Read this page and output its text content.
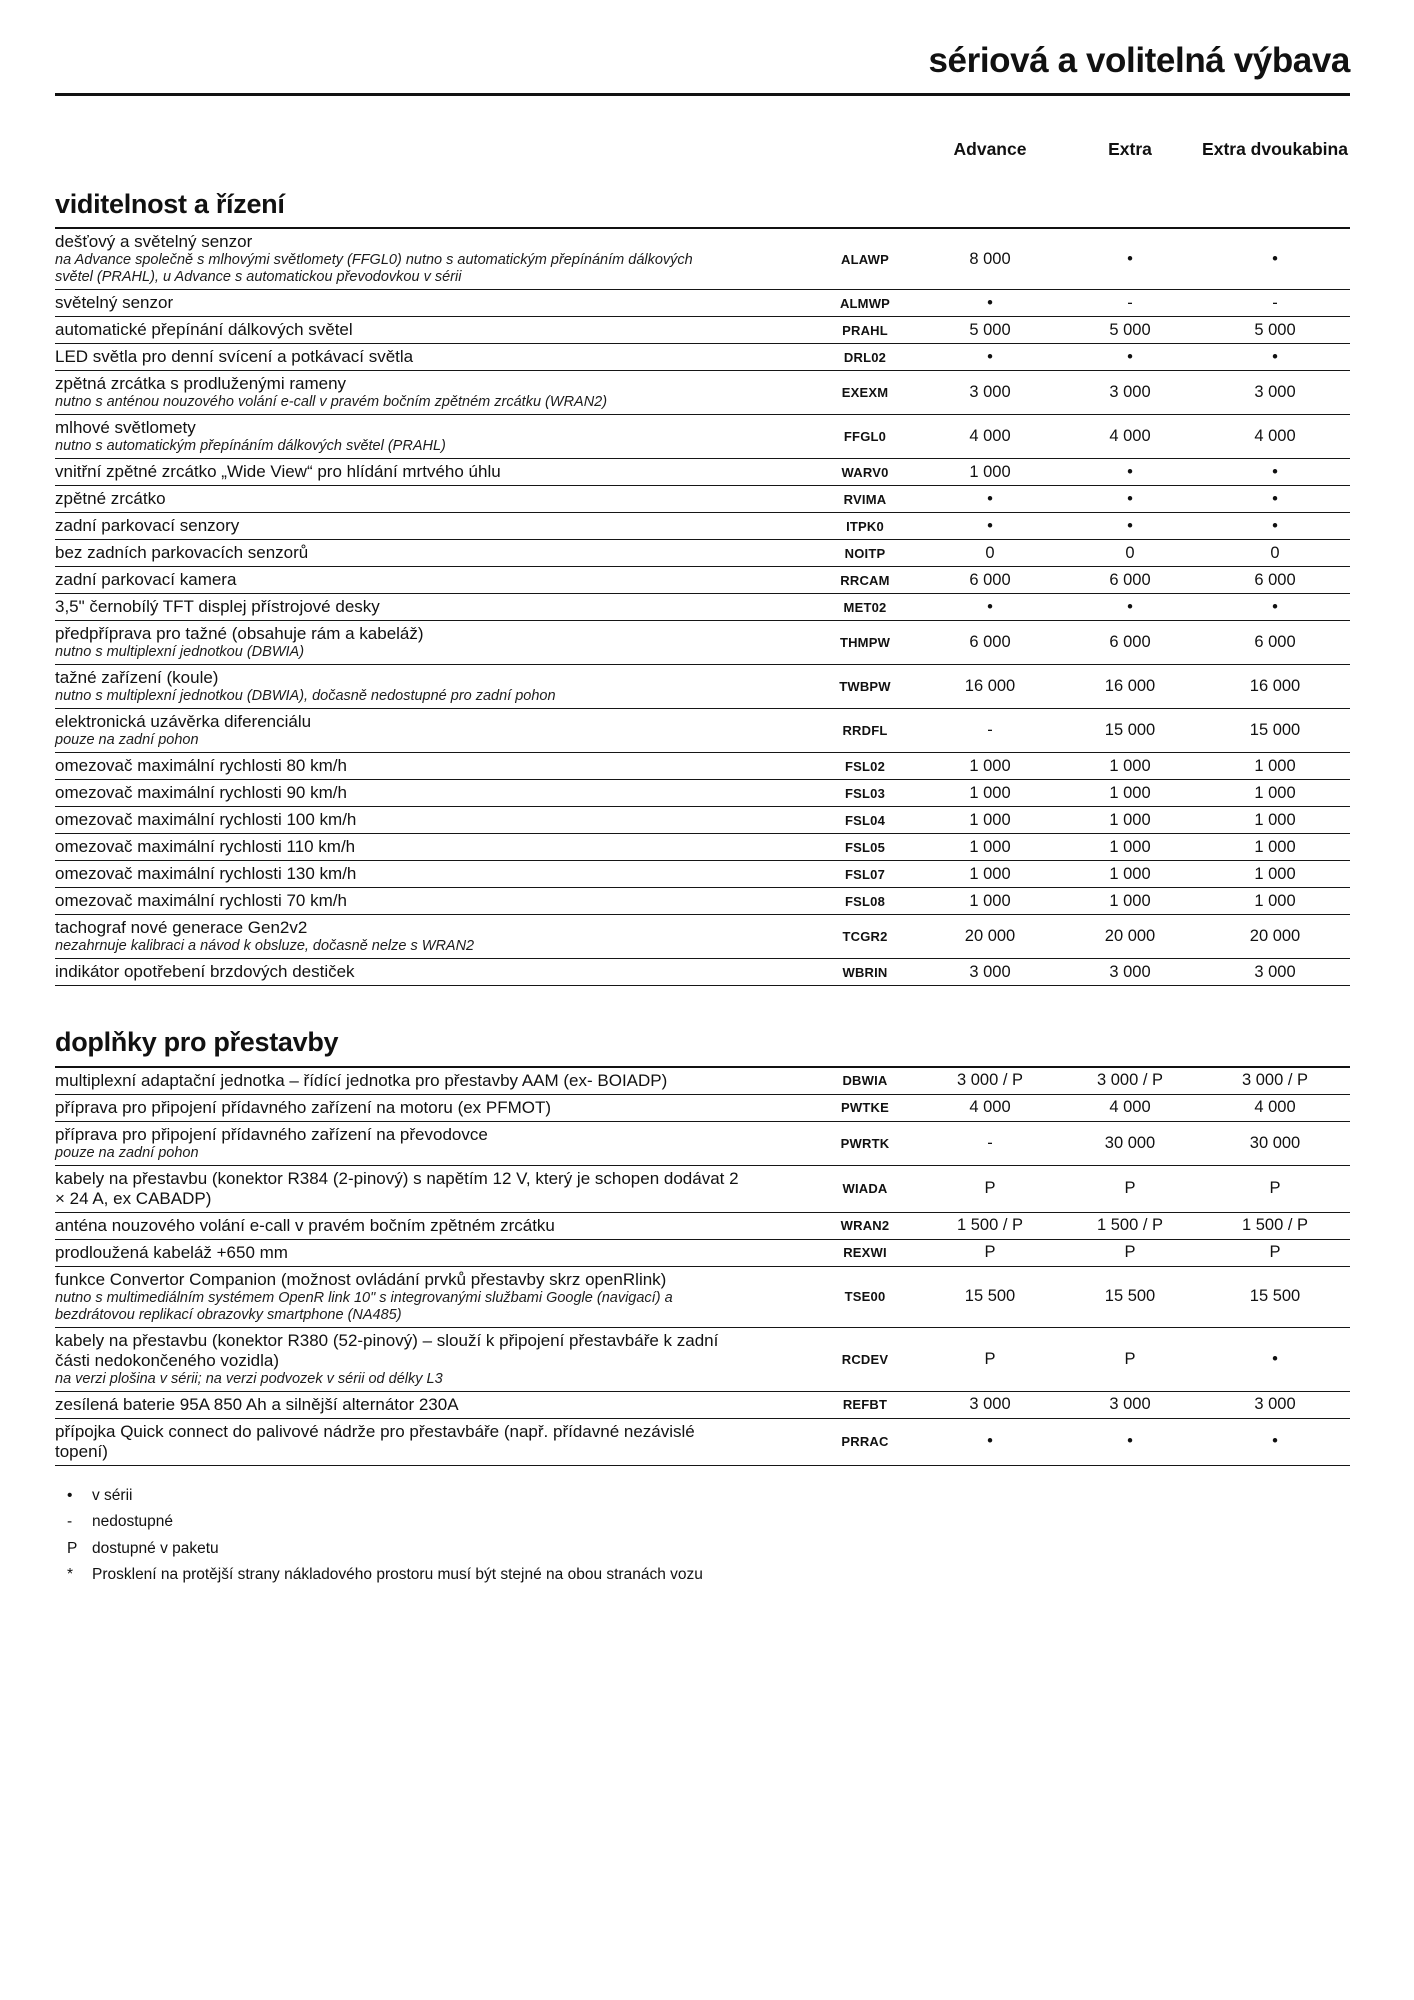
sériová a volitelná výbava
Advance	Extra	Extra dvoukabina
viditelnost a řízení
dešťový a světelný senzor
na Advance společně s mlhovými světlomety (FFGL0) nutno s automatickým přepínáním dálkových světel (PRAHL), u Advance s automatickou převodovkou v sérii
ALAWP	8 000	•	•
světelný senzor	ALMWP	•	-	-
automatické přepínání dálkových světel	PRAHL	5 000	5 000	5 000
LED světla pro denní svícení a potkávací světla	DRL02	•	•	•
zpětná zrcátka s prodluženými rameny
nutno s anténou nouzového volání e-call v pravém bočním zpětném zrcátku (WRAN2)
EXEXM	3 000	3 000	3 000
mlhové světlomety
nutno s automatickým přepínáním dálkových světel (PRAHL)
FFGL0	4 000	4 000	4 000
vnitřní zpětné zrcátko „Wide View“ pro hlídání mrtvého úhlu	WARV0	1 000	•	•
zpětné zrcátko	RVIMA	•	•	•
zadní parkovací senzory	ITPK0	•	•	•
bez zadních parkovacích senzorů	NOITP	0	0	0
zadní parkovací kamera	RRCAM	6 000	6 000	6 000
3,5" černobílý TFT displej přístrojové desky	MET02	•	•	•
předpříprava pro tažné (obsahuje rám a kabeláž)
nutno s multiplexní jednotkou (DBWIA)
THMPW	6 000	6 000	6 000
tažné zařízení (koule)
nutno s multiplexní jednotkou (DBWIA), dočasně nedostupné pro zadní pohon
TWBPW	16 000	16 000	16 000
elektronická uzávěrka diferenciálu
pouze na zadní pohon
RRDFL	-	15 000	15 000
omezovač maximální rychlosti 80 km/h	FSL02	1 000	1 000	1 000
omezovač maximální rychlosti 90 km/h	FSL03	1 000	1 000	1 000
omezovač maximální rychlosti 100 km/h	FSL04	1 000	1 000	1 000
omezovač maximální rychlosti 110 km/h	FSL05	1 000	1 000	1 000
omezovač maximální rychlosti 130 km/h	FSL07	1 000	1 000	1 000
omezovač maximální rychlosti 70 km/h	FSL08	1 000	1 000	1 000
tachograf nové generace Gen2v2
nezahrnuje kalibraci a návod k obsluze, dočasně nelze s WRAN2
TCGR2	20 000	20 000	20 000
indikátor opotřebení brzdových destiček	WBRIN	3 000	3 000	3 000
doplňky pro přestavby
multiplexní adaptační jednotka – řídící jednotka pro přestavby AAM (ex- BOIADP)	DBWIA	3 000 / P	3 000 / P	3 000 / P
příprava pro připojení přídavného zařízení na motoru (ex PFMOT)	PWTKE	4 000	4 000	4 000
příprava pro připojení přídavného zařízení na převodovce
pouze na zadní pohon
PWRTK	-	30 000	30 000
kabely na přestavbu (konektor R384 (2-pinový) s napětím 12 V, který je schopen dodávat 2 × 24 A, ex CABADP)	WIADA	P	P	P
anténa nouzového volání e-call v pravém bočním zpětném zrcátku	WRAN2	1 500 / P	1 500 / P	1 500 / P
prodloužená kabeláž +650 mm	REXWI	P	P	P
funkce Convertor Companion (možnost ovládání prvků přestavby skrz openRlink)
nutno s multimediálním systémem OpenR link 10" s integrovanými službami Google (navigací) a bezdrátovou replikací obrazovky smartphone (NA485)
TSE00	15 500	15 500	15 500
kabely na přestavbu (konektor R380 (52-pinový) – slouží k připojení přestavbáře k zadní části nedokončeného vozidla)
na verzi plošina v sérii; na verzi podvozek v sérii od délky L3
RCDEV	P	P	•
zesílená baterie 95A 850 Ah a silnější alternátor 230A	REFBT	3 000	3 000	3 000
přípojka Quick connect do palivové nádrže pro přestavbáře (např. přídavné nezávislé topení)	PRRAC	•	•	•
•	v sérii
-	nedostupné
P dostupné v paketu
*	Prosklení na protější strany nákladového prostoru musí být stejné na obou stranách vozu
